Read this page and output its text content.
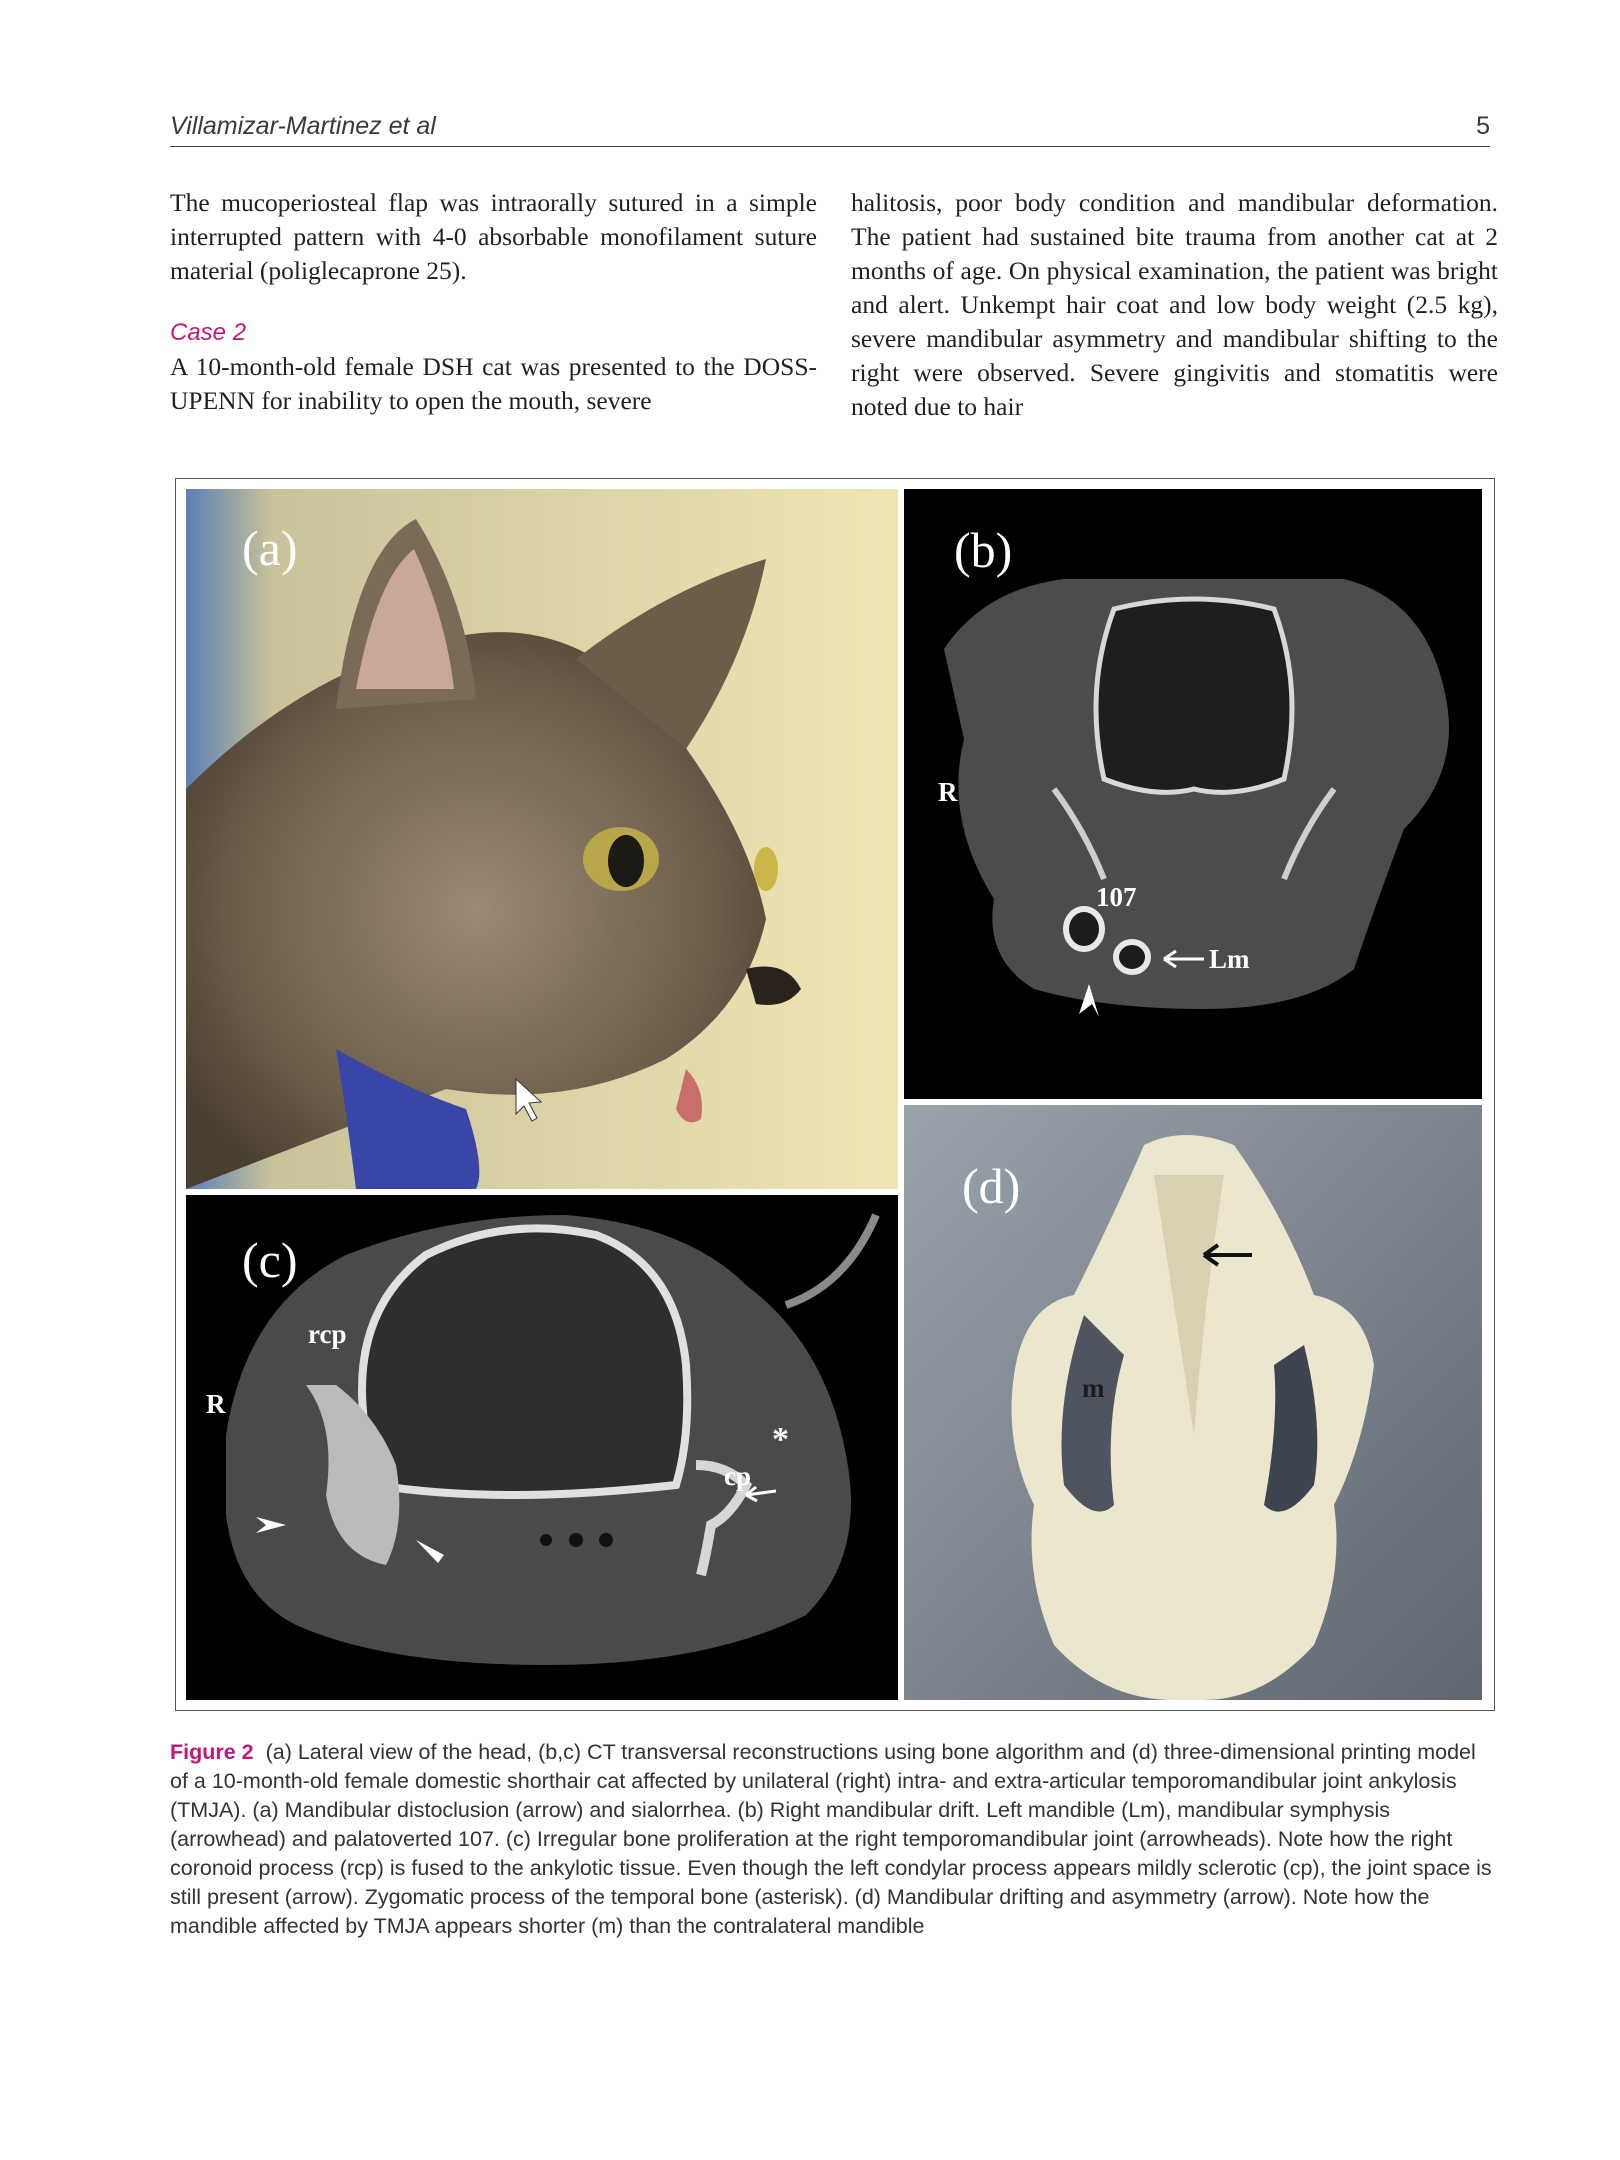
Villamizar-Martinez et al	5

The mucoperiosteal flap was intraorally sutured in a simple interrupted pattern with 4-0 absorbable monofilament suture material (poliglecaprone 25).

Case 2

A 10-month-old female DSH cat was presented to the DOSS-UPENN for inability to open the mouth, severe

halitosis, poor body condition and mandibular deformation. The patient had sustained bite trauma from another cat at 2 months of age. On physical examination, the patient was bright and alert. Unkempt hair coat and low body weight (2.5 kg), severe mandibular asymmetry and mandibular shifting to the right were observed. Severe gingivitis and stomatitis were noted due to hair

(a)	(b)
R
107
Lm
(c)
R
rcp
cp
*
(d)
m
Figure 2 (a) Lateral view of the head, (b,c) CT transversal reconstructions using bone algorithm and (d) three-dimensional printing model of a 10-month-old female domestic shorthair cat affected by unilateral (right) intra- and extra-articular temporomandibular joint ankylosis (TMJA). (a) Mandibular distoclusion (arrow) and sialorrhea. (b) Right mandibular drift. Left mandible (Lm), mandibular symphysis (arrowhead) and palatoverted 107. (c) Irregular bone proliferation at the right temporomandibular joint (arrowheads). Note how the right coronoid process (rcp) is fused to the ankylotic tissue. Even though the left condylar process appears mildly sclerotic (cp), the joint space is still present (arrow). Zygomatic process of the temporal bone (asterisk). (d) Mandibular drifting and asymmetry (arrow). Note how the mandible affected by TMJA appears shorter (m) than the contralateral mandible
